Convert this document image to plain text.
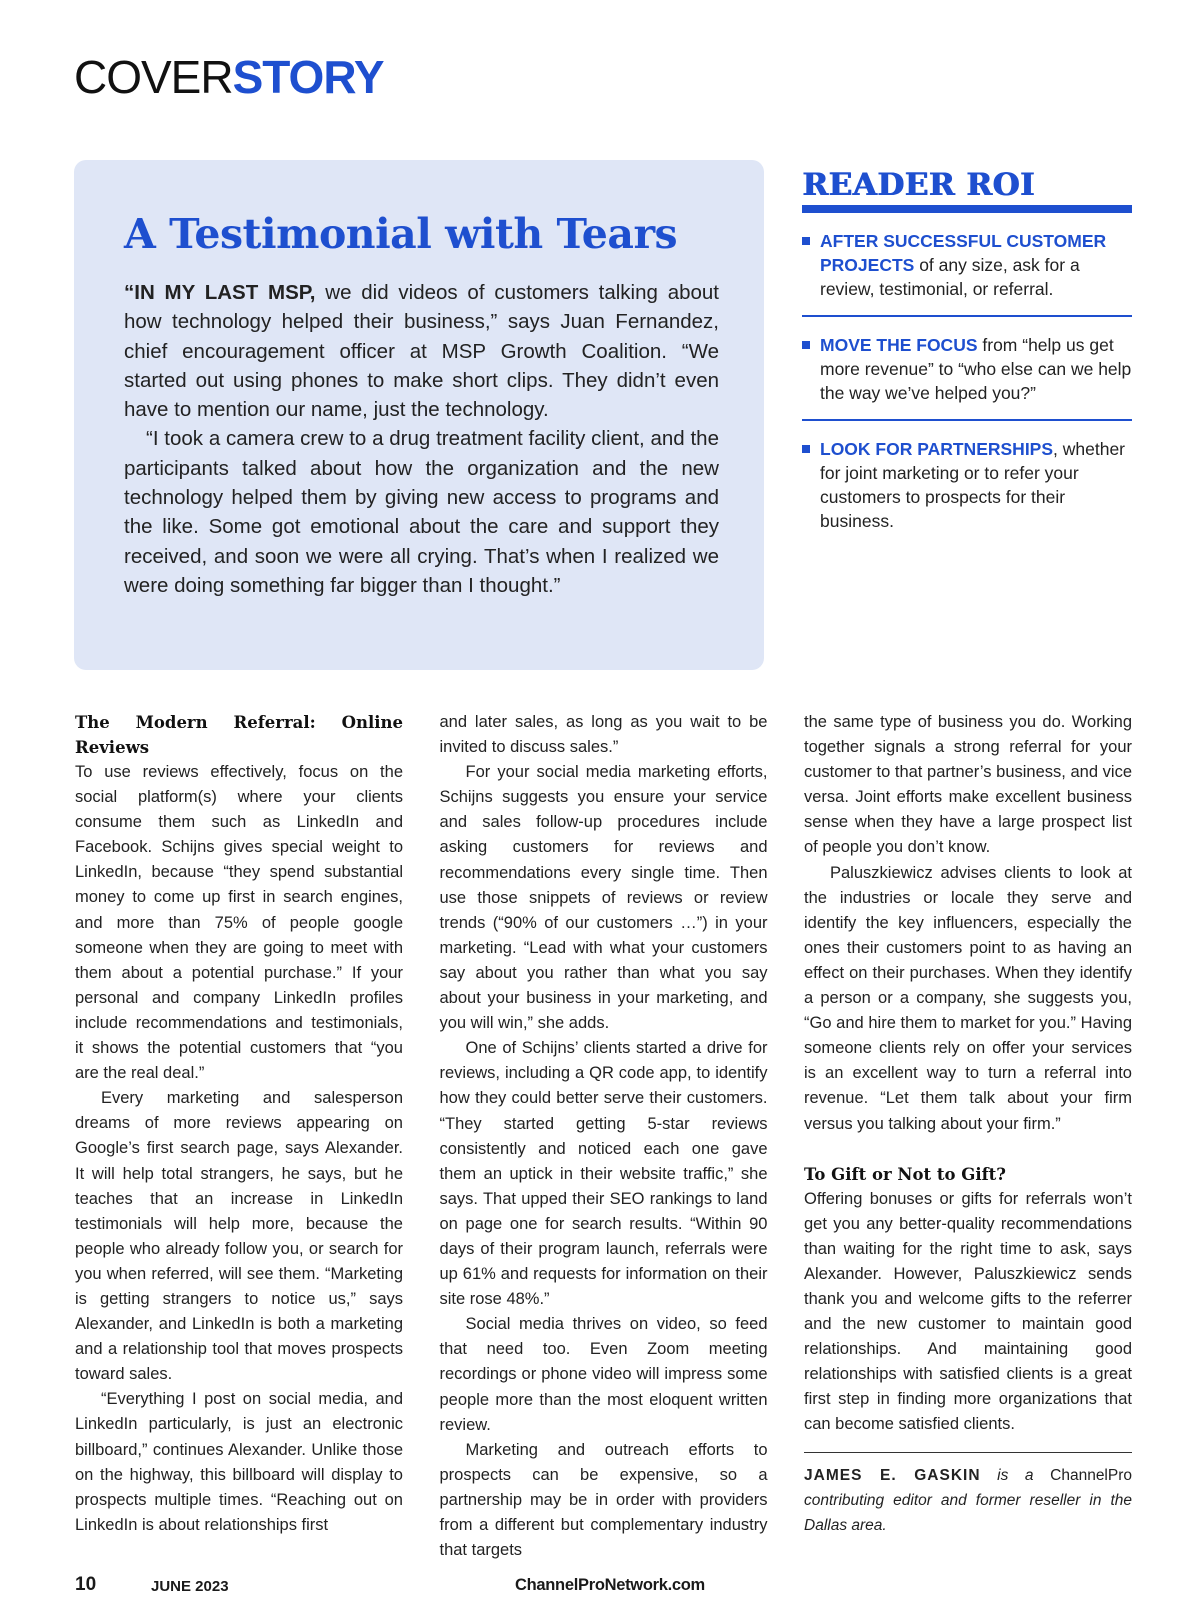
COVERSTORY
A Testimonial with Tears

“IN MY LAST MSP, we did videos of customers talking about how technology helped their business,” says Juan Fernandez, chief encouragement officer at MSP Growth Coalition. “We started out using phones to make short clips. They didn’t even have to mention our name, just the technology.

“I took a camera crew to a drug treatment facility client, and the participants talked about how the organization and the new technology helped them by giving new access to programs and the like. Some got emotional about the care and support they received, and soon we were all crying. That’s when I realized we were doing something far bigger than I thought.”

READER ROI
AFTER SUCCESSFUL CUSTOMER PROJECTS of any size, ask for a review, testimonial, or referral.
MOVE THE FOCUS from “help us get more revenue” to “who else can we help the way we’ve helped you?”
LOOK FOR PARTNERSHIPS, whether for joint marketing or to refer your customers to prospects for their business.
The Modern Referral: Online Reviews

To use reviews effectively, focus on the social platform(s) where your clients consume them such as LinkedIn and Facebook. Schijns gives special weight to LinkedIn, because “they spend substantial money to come up first in search engines, and more than 75% of people google someone when they are going to meet with them about a potential purchase.” If your personal and company LinkedIn profiles include recommendations and testimonials, it shows the potential customers that “you are the real deal.”

Every marketing and salesperson dreams of more reviews appearing on Google’s first search page, says Alexander. It will help total strangers, he says, but he teaches that an increase in LinkedIn testimonials will help more, because the people who already follow you, or search for you when referred, will see them. “Marketing is getting strangers to notice us,” says Alexander, and LinkedIn is both a marketing and a relationship tool that moves prospects toward sales.

“Everything I post on social media, and LinkedIn particularly, is just an electronic billboard,” continues Alexander. Unlike those on the highway, this billboard will display to prospects multiple times. “Reaching out on LinkedIn is about relationships first

and later sales, as long as you wait to be invited to discuss sales.”

For your social media marketing efforts, Schijns suggests you ensure your service and sales follow-up procedures include asking customers for reviews and recommendations every single time. Then use those snippets of reviews or review trends (“90% of our customers …”) in your marketing. “Lead with what your customers say about you rather than what you say about your business in your marketing, and you will win,” she adds.

One of Schijns’ clients started a drive for reviews, including a QR code app, to identify how they could better serve their customers. “They started getting 5-star reviews consistently and noticed each one gave them an uptick in their website traffic,” she says. That upped their SEO rankings to land on page one for search results. “Within 90 days of their program launch, referrals were up 61% and requests for information on their site rose 48%.”

Social media thrives on video, so feed that need too. Even Zoom meeting recordings or phone video will impress some people more than the most eloquent written review.

Marketing and outreach efforts to prospects can be expensive, so a partnership may be in order with providers from a different but complementary industry that targets

the same type of business you do. Working together signals a strong referral for your customer to that partner’s business, and vice versa. Joint efforts make excellent business sense when they have a large prospect list of people you don’t know.

Paluszkiewicz advises clients to look at the industries or locale they serve and identify the key influencers, especially the ones their customers point to as having an effect on their purchases. When they identify a person or a company, she suggests you, “Go and hire them to market for you.” Having someone clients rely on offer your services is an excellent way to turn a referral into revenue. “Let them talk about your firm versus you talking about your firm.”

To Gift or Not to Gift?

Offering bonuses or gifts for referrals won’t get you any better-quality recommendations than waiting for the right time to ask, says Alexander. However, Paluszkiewicz sends thank you and welcome gifts to the referrer and the new customer to maintain good relationships. And maintaining good relationships with satisfied clients is a great first step in finding more organizations that can become satisfied clients.

JAMES E. GASKIN is a ChannelPro contributing editor and former reseller in the Dallas area.
10	JUNE 2023	ChannelProNetwork.com
